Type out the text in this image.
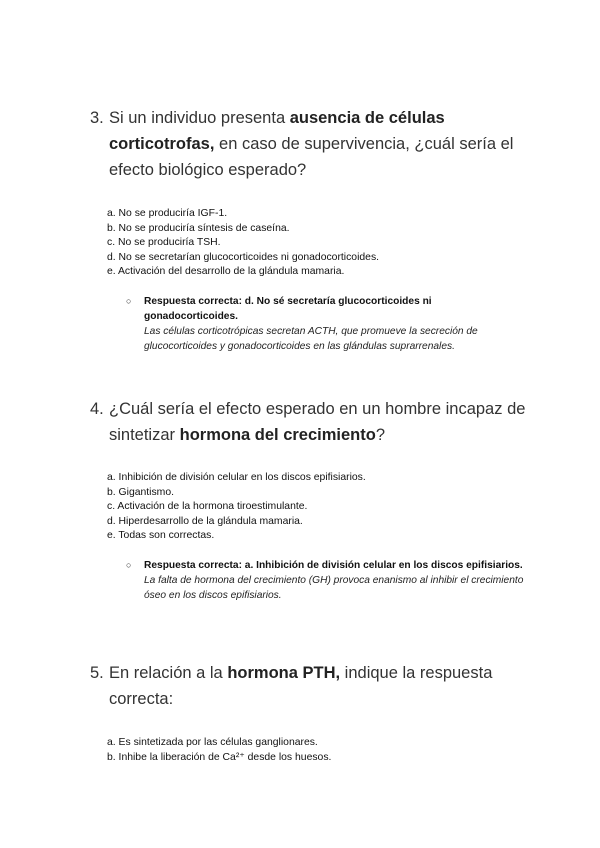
3. Si un individuo presenta ausencia de células corticotrofas, en caso de supervivencia, ¿cuál sería el efecto biológico esperado?
a. No se produciría IGF-1.
b. No se produciría síntesis de caseína.
c. No se produciría TSH.
d. No se secretarían glucocorticoides ni gonadocorticoides.
e. Activación del desarrollo de la glándula mamaria.
○	Respuesta correcta: d. No sé secretaría glucocorticoides ni gonadocorticoides.
Las células corticotrópicas secretan ACTH, que promueve la secreción de glucocorticoides y gonadocorticoides en las glándulas suprarrenales.
4. ¿Cuál sería el efecto esperado en un hombre incapaz de sintetizar hormona del crecimiento?
a. Inhibición de división celular en los discos epifisiarios.
b. Gigantismo.
c. Activación de la hormona tiroestimulante.
d. Hiperdesarrollo de la glándula mamaria.
e. Todas son correctas.
○	Respuesta correcta: a. Inhibición de división celular en los discos epifisiarios.
La falta de hormona del crecimiento (GH) provoca enanismo al inhibir el crecimiento óseo en los discos epifisiarios.
5. En relación a la hormona PTH, indique la respuesta correcta:
a. Es sintetizada por las células ganglionares.
b. Inhibe la liberación de Ca²⁺ desde los huesos.
